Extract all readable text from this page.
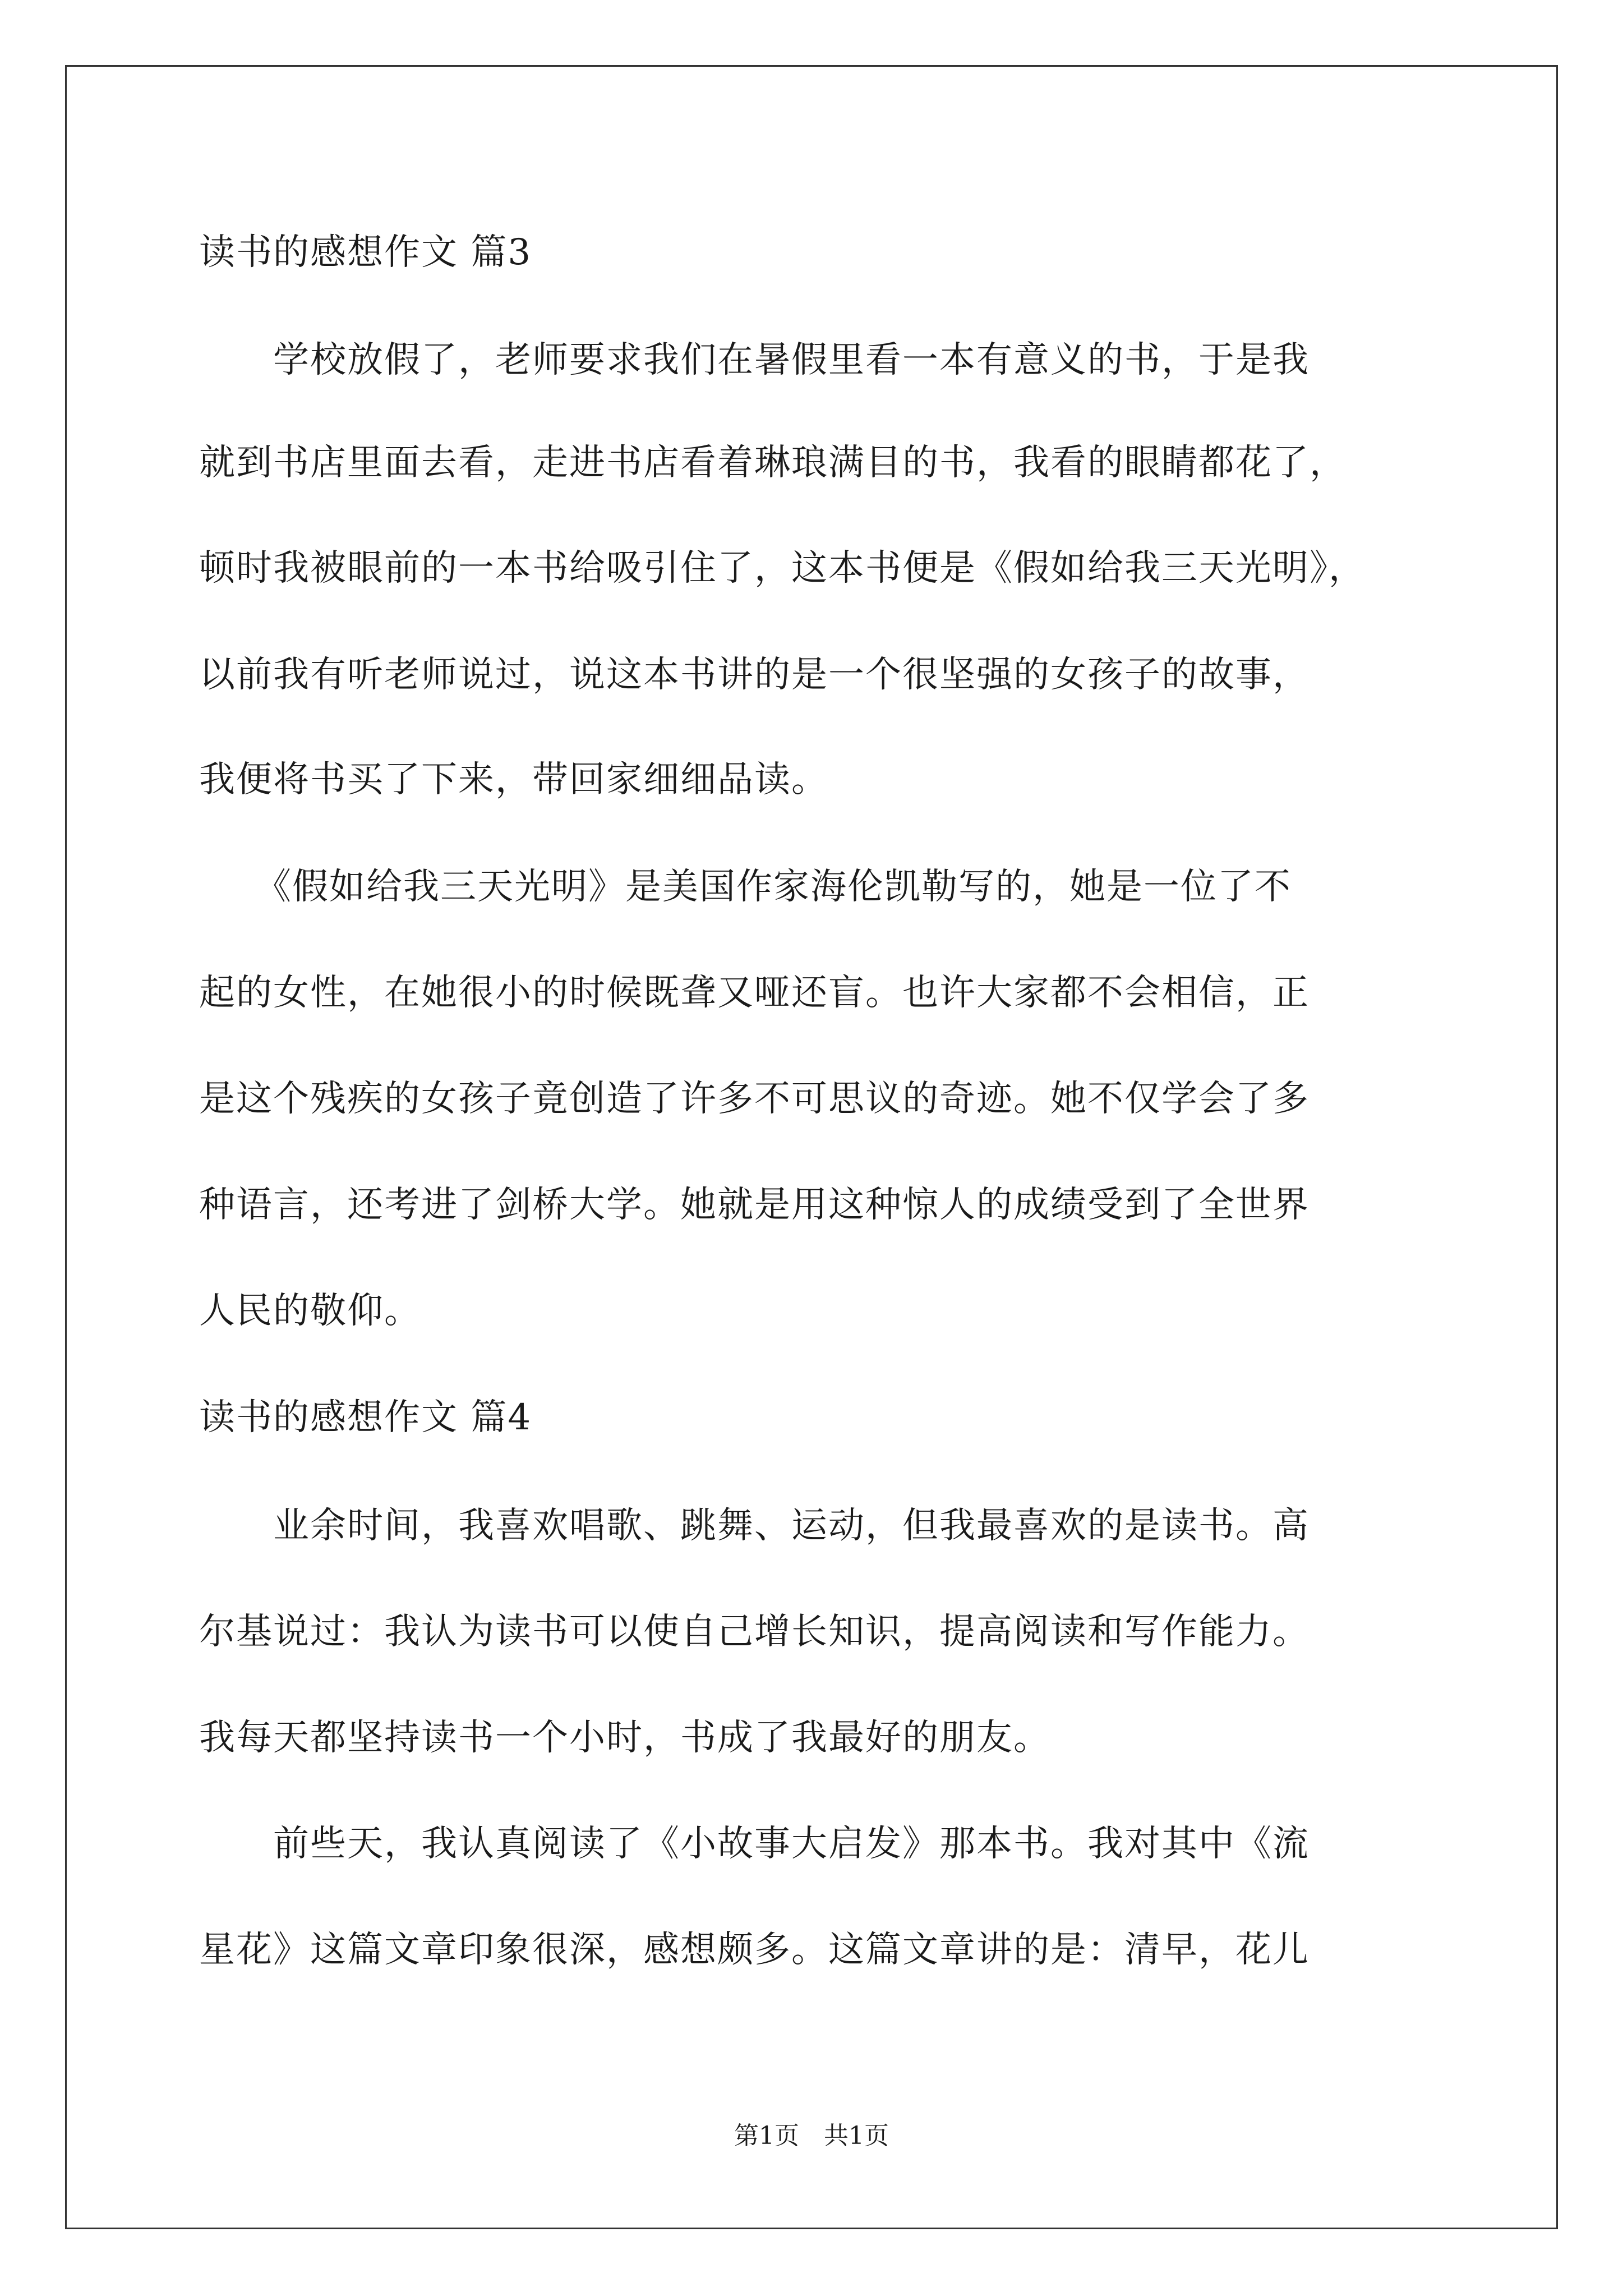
读书的感想作文 篇3
　　学校放假了，老师要求我们在暑假里看一本有意义的书，于是我
就到书店里面去看，走进书店看着琳琅满目的书，我看的眼睛都花了，
顿时我被眼前的一本书给吸引住了，这本书便是《假如给我三天光明》，
以前我有听老师说过，说这本书讲的是一个很坚强的女孩子的故事，
我便将书买了下来，带回家细细品读。
　　《假如给我三天光明》是美国作家海伦凯勒写的，她是一位了不
起的女性，在她很小的时候既聋又哑还盲。也许大家都不会相信，正
是这个残疾的女孩子竟创造了许多不可思议的奇迹。她不仅学会了多
种语言，还考进了剑桥大学。她就是用这种惊人的成绩受到了全世界
人民的敬仰。
读书的感想作文 篇4
　　业余时间，我喜欢唱歌、跳舞、运动，但我最喜欢的是读书。高
尔基说过：我认为读书可以使自己增长知识，提高阅读和写作能力。
我每天都坚持读书一个小时，书成了我最好的朋友。
　　前些天，我认真阅读了《小故事大启发》那本书。我对其中《流
星花》这篇文章印象很深，感想颇多。这篇文章讲的是：清早，花儿
第1页　共1页
